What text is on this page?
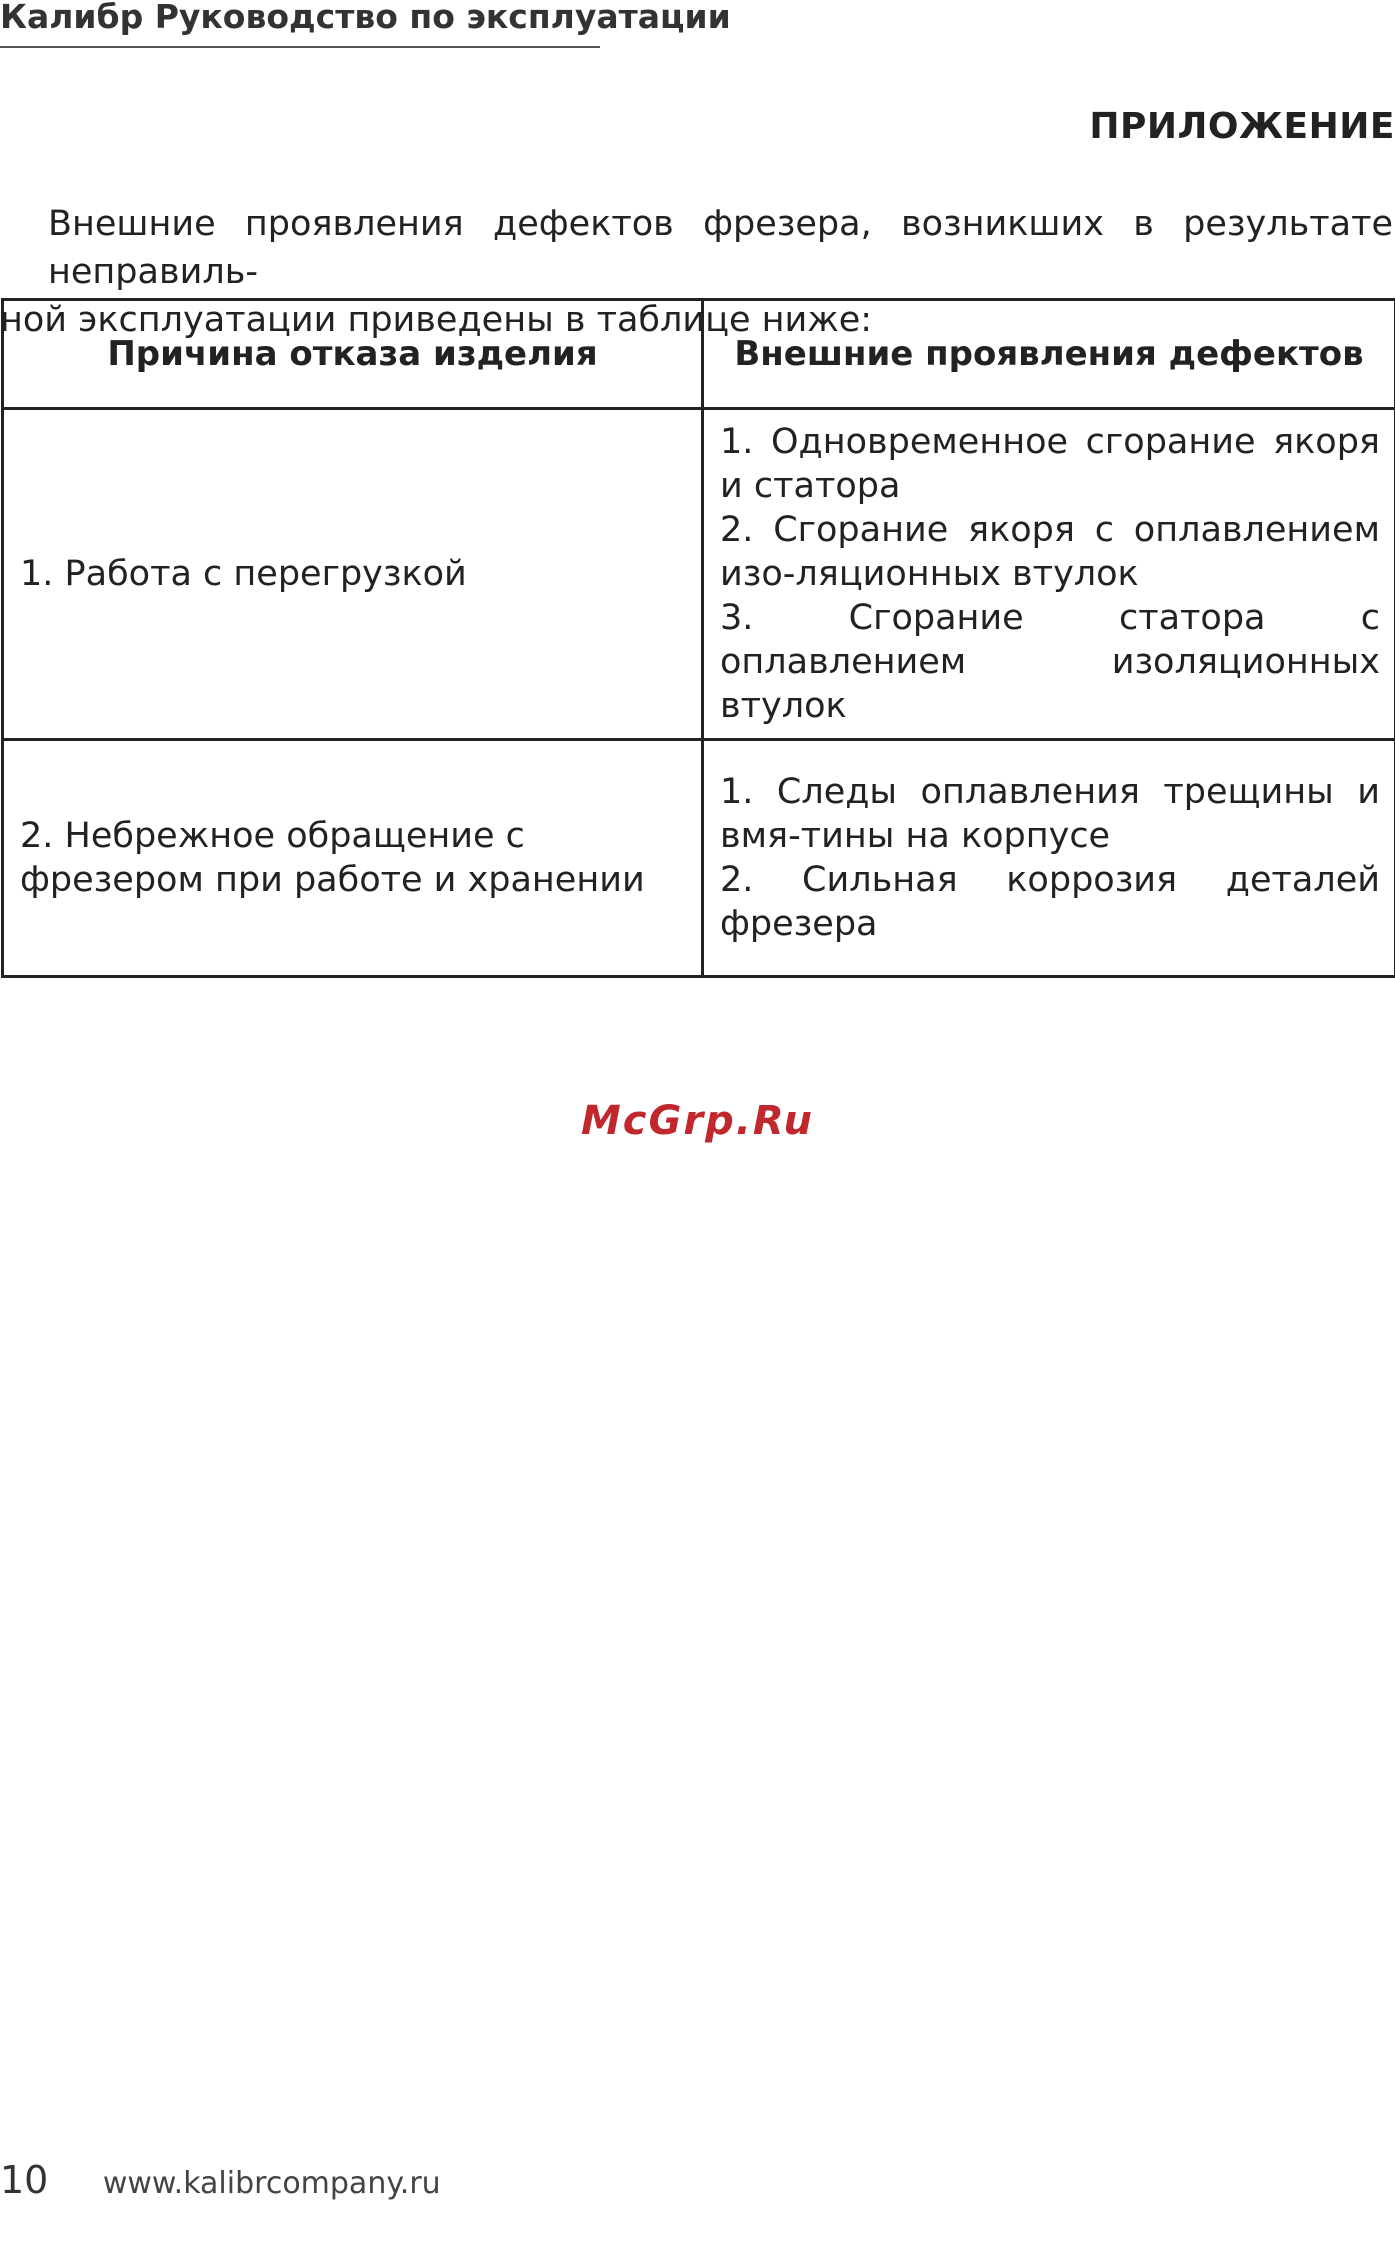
Калибр Руководство по эксплуатации
ПРИЛОЖЕНИЕ

Внешние проявления дефектов фрезера, возникших в результате неправиль-
ной эксплуатации приведены в таблице ниже:

Причина отказа изделия	Внешние проявления дефектов
1. Работа с перегрузкой	1. Одновременное сгорание якоря и статора
2. Сгорание якоря с оплавлением изо-ляционных втулок
3. Сгорание статора с оплавлением изоляционных втулок

2. Небрежное обращение с фрезером при работе и хранении	1. Следы оплавления трещины и вмя-тины на корпусе
2. Сильная коррозия деталей фрезера
McGrp.Ru
10 www.kalibrcompany.ru
